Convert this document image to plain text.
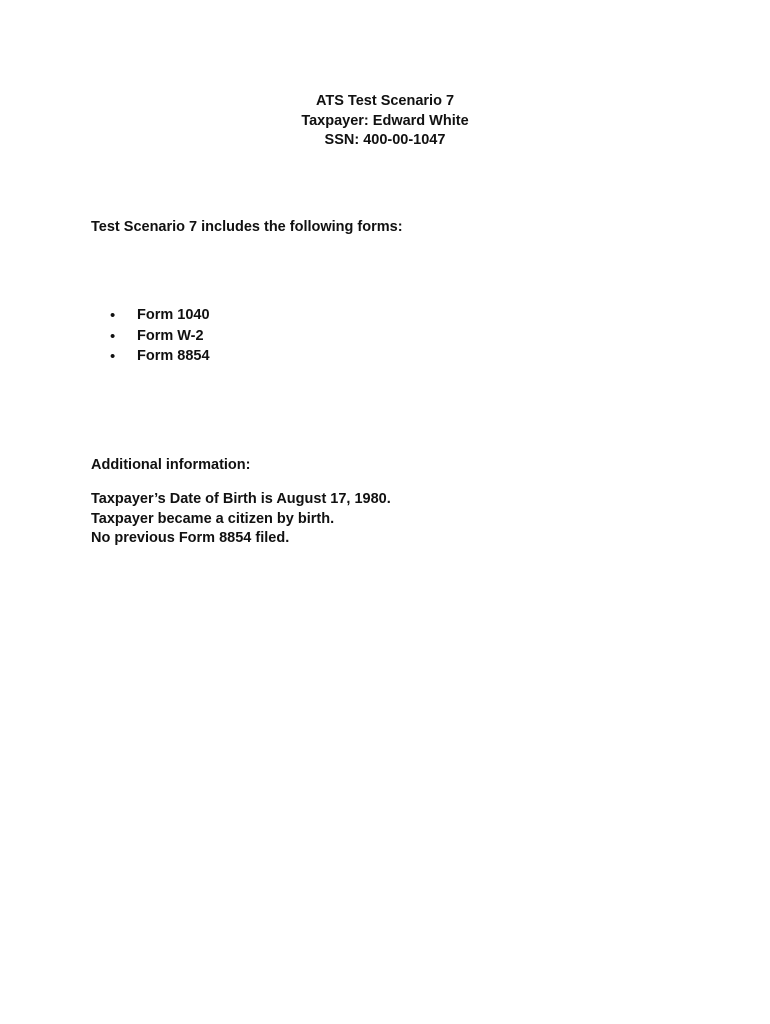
ATS Test Scenario 7
Taxpayer: Edward White
SSN: 400-00-1047
Test Scenario 7 includes the following forms:
• Form 1040
• Form W-2
• Form 8854
Additional information:
Taxpayer’s Date of Birth is August 17, 1980.
Taxpayer became a citizen by birth.
No previous Form 8854 filed.
